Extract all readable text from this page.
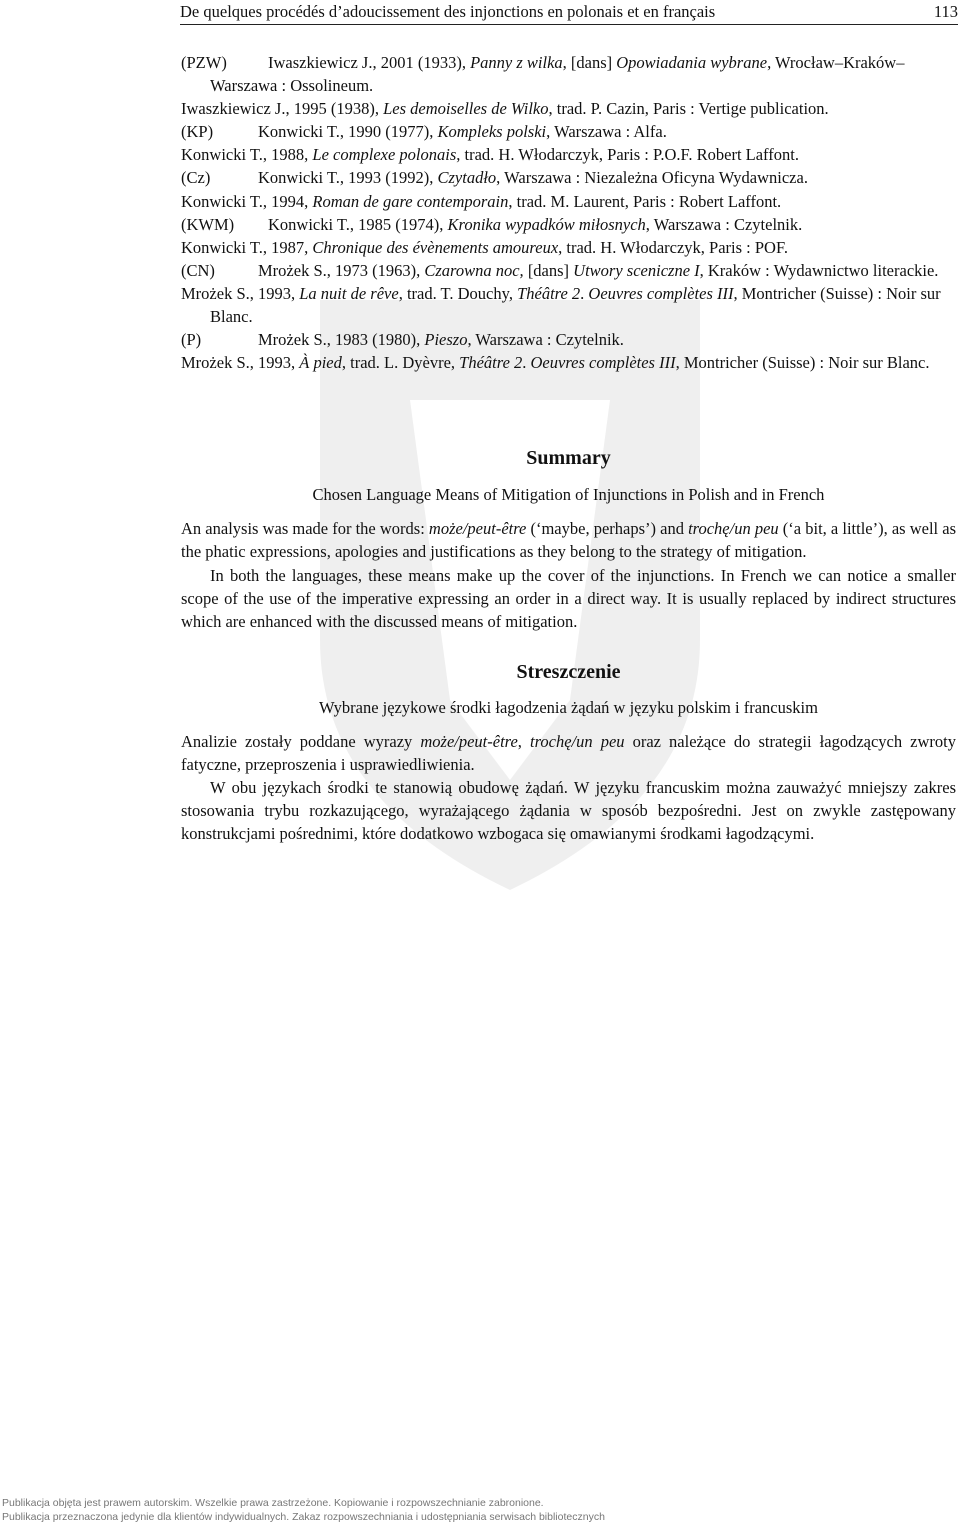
De quelques procédés d’adoucissement des injonctions en polonais et en français	113
(PZW) Iwaszkiewicz J., 2001 (1933), Panny z wilka, [dans] Opowiadania wybrane, Wrocław–Kraków–Warszawa : Ossolineum.
Iwaszkiewicz J., 1995 (1938), Les demoiselles de Wilko, trad. P. Cazin, Paris : Vertige publication.
(KP)	Konwicki T., 1990 (1977), Kompleks polski, Warszawa : Alfa.
Konwicki T., 1988, Le complexe polonais, trad. H. Włodarczyk, Paris : P.O.F. Robert Laffont.
(Cz)	Konwicki T., 1993 (1992), Czytadło, Warszawa : Niezależna Oficyna Wydawnicza.
Konwicki T., 1994, Roman de gare contemporain, trad. M. Laurent, Paris : Robert Laffont.
(KWM) Konwicki T., 1985 (1974), Kronika wypadków miłosnych, Warszawa : Czytelnik.
Konwicki T., 1987, Chronique des évènements amoureux, trad. H. Włodarczyk, Paris : POF.
(CN)	Mrożek S., 1973 (1963), Czarowna noc, [dans] Utwory sceniczne I, Kraków : Wydawnictwo literackie.
Mrożek S., 1993, La nuit de rêve, trad. T. Douchy, Théâtre 2. Oeuvres complètes III, Montricher (Suisse) : Noir sur Blanc.
(P)	Mrożek S., 1983 (1980), Pieszo, Warszawa : Czytelnik.
Mrożek S., 1993, À pied, trad. L. Dyèvre, Théâtre 2. Oeuvres complètes III, Montricher (Suisse) : Noir sur Blanc.
Summary
Chosen Language Means of Mitigation of Injunctions in Polish and in French

An analysis was made for the words: może/peut-être (‘maybe, perhaps’) and trochę/un peu (‘a bit, a little’), as well as the phatic expressions, apologies and justifications as they belong to the strategy of mitigation.

In both the languages, these means make up the cover of the injunctions. In French we can notice a smaller scope of the use of the imperative expressing an order in a direct way. It is usually replaced by indirect structures which are enhanced with the discussed means of mitigation.

Streszczenie
Wybrane językowe środki łagodzenia żądań w języku polskim i francuskim

Analizie zostały poddane wyrazy może/peut-être, trochę/un peu oraz należące do strategii łagodzących zwroty fatyczne, przeproszenia i usprawiedliwienia.

W obu językach środki te stanowią obudowę żądań. W języku francuskim można zauważyć mniejszy zakres stosowania trybu rozkazującego, wyrażającego żądania w sposób bezpośredni. Jest on zwykle zastępowany konstrukcjami pośrednimi, które dodatkowo wzbogaca się omawianymi środkami łagodzącymi.

Publikacja objęta jest prawem autorskim. Wszelkie prawa zastrzeżone. Kopiowanie i rozpowszechnianie zabronione.
Publikacja przeznaczona jedynie dla klientów indywidualnych. Zakaz rozpowszechniania i udostępniania serwisach bibliotecznych
